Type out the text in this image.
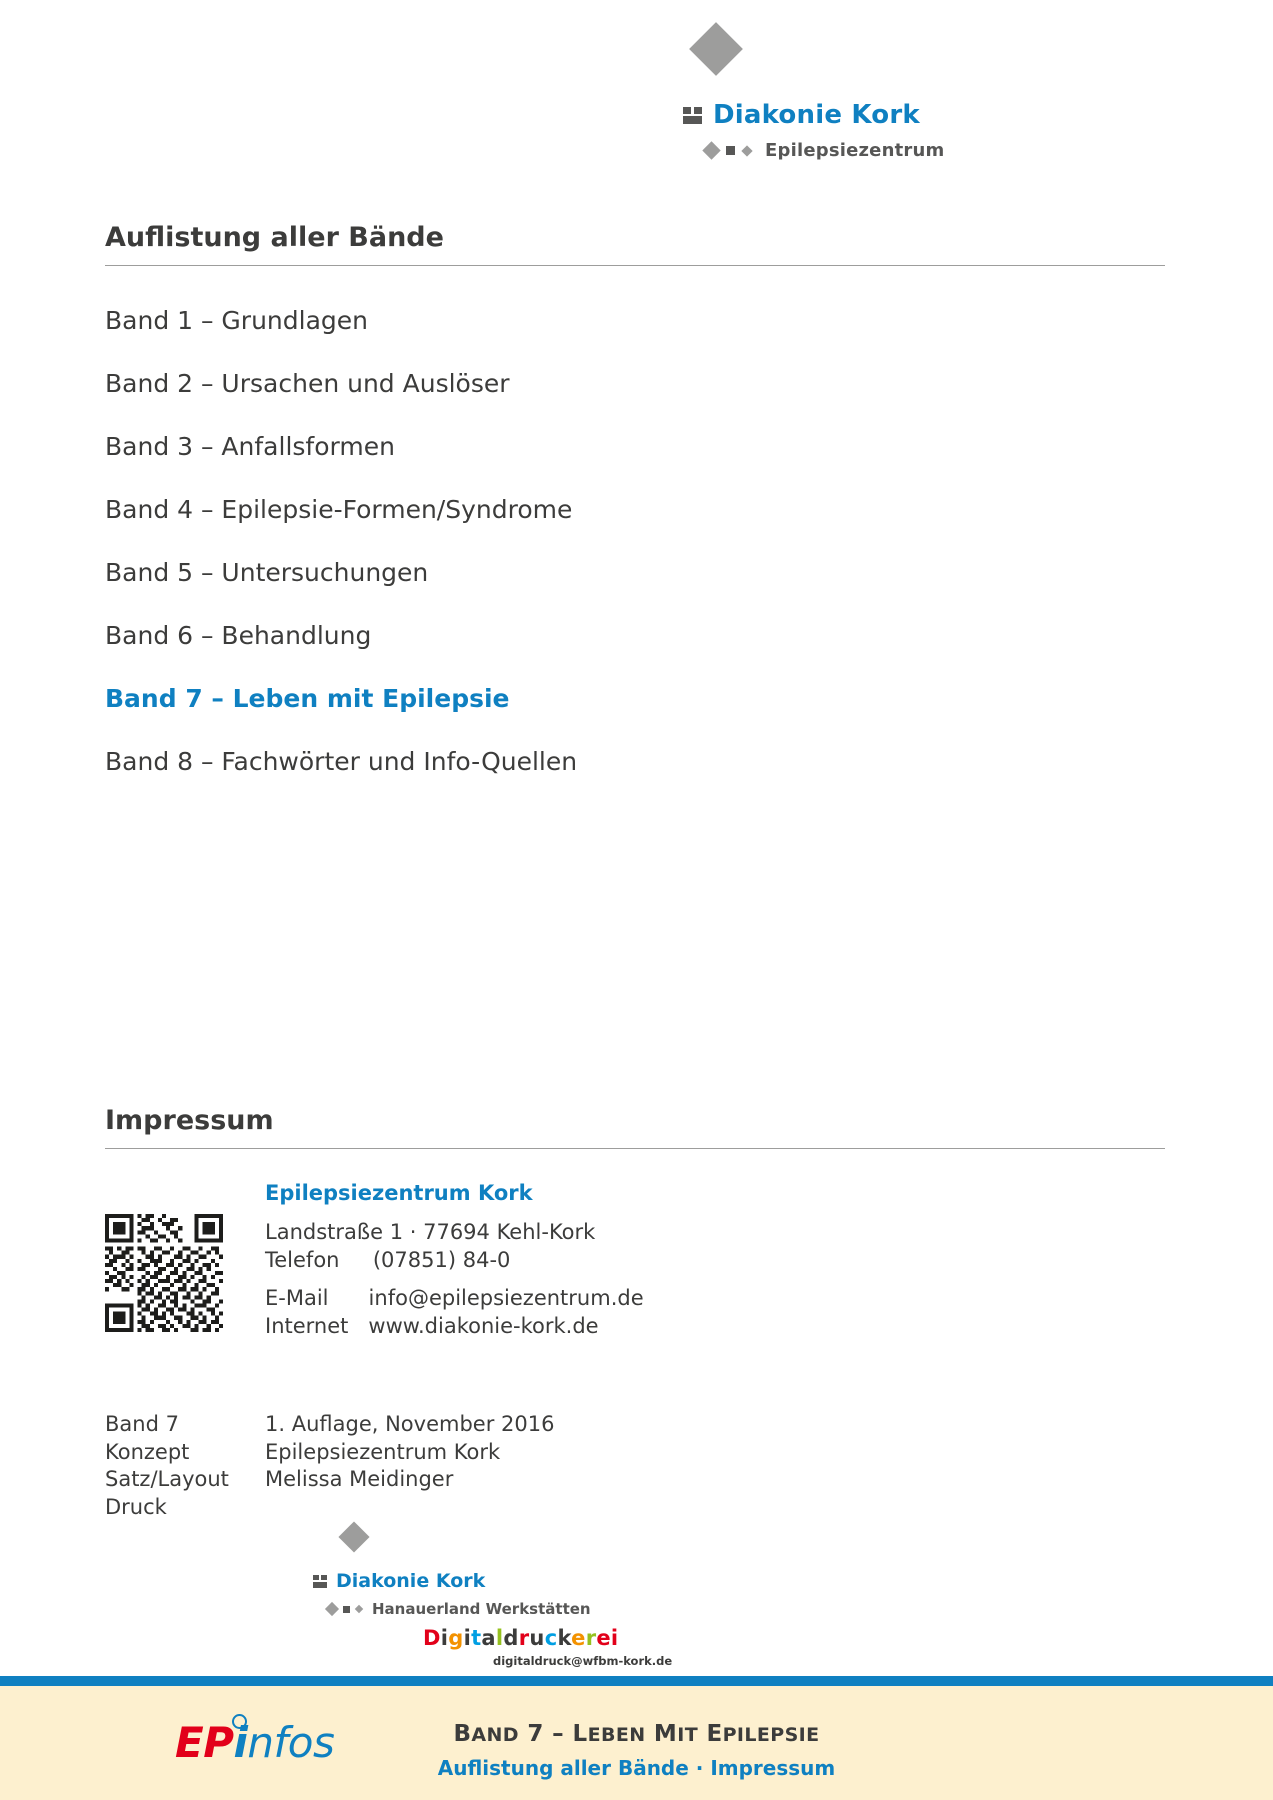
Diakonie Kork
Epilepsiezentrum
Auflistung aller Bände
Band 1 – Grundlagen
Band 2 – Ursachen und Auslöser
Band 3 – Anfallsformen
Band 4 – Epilepsie-Formen/Syndrome
Band 5 – Untersuchungen
Band 6 – Behandlung
Band 7 – Leben mit Epilepsie
Band 8 – Fachwörter und Info-Quellen
Impressum
Epilepsiezentrum Kork
Landstraße 1 · 77694 Kehl-Kork
Telefon     (07851) 84-0
E-Mail      info@epilepsiezentrum.de
Internet   www.diakonie-kork.de
Band 7
Konzept
Satz/Layout
Druck
1. Auflage, November 2016
Epilepsiezentrum Kork
Melissa Meidinger
Diakonie Kork
Hanauerland Werkstätten
Digitaldruckerei
digitaldruck@wfbm-kork.de
EPinfos	BAND 7 – LEBEN MIT EPILEPSIE
Auflistung aller Bände · Impressum
